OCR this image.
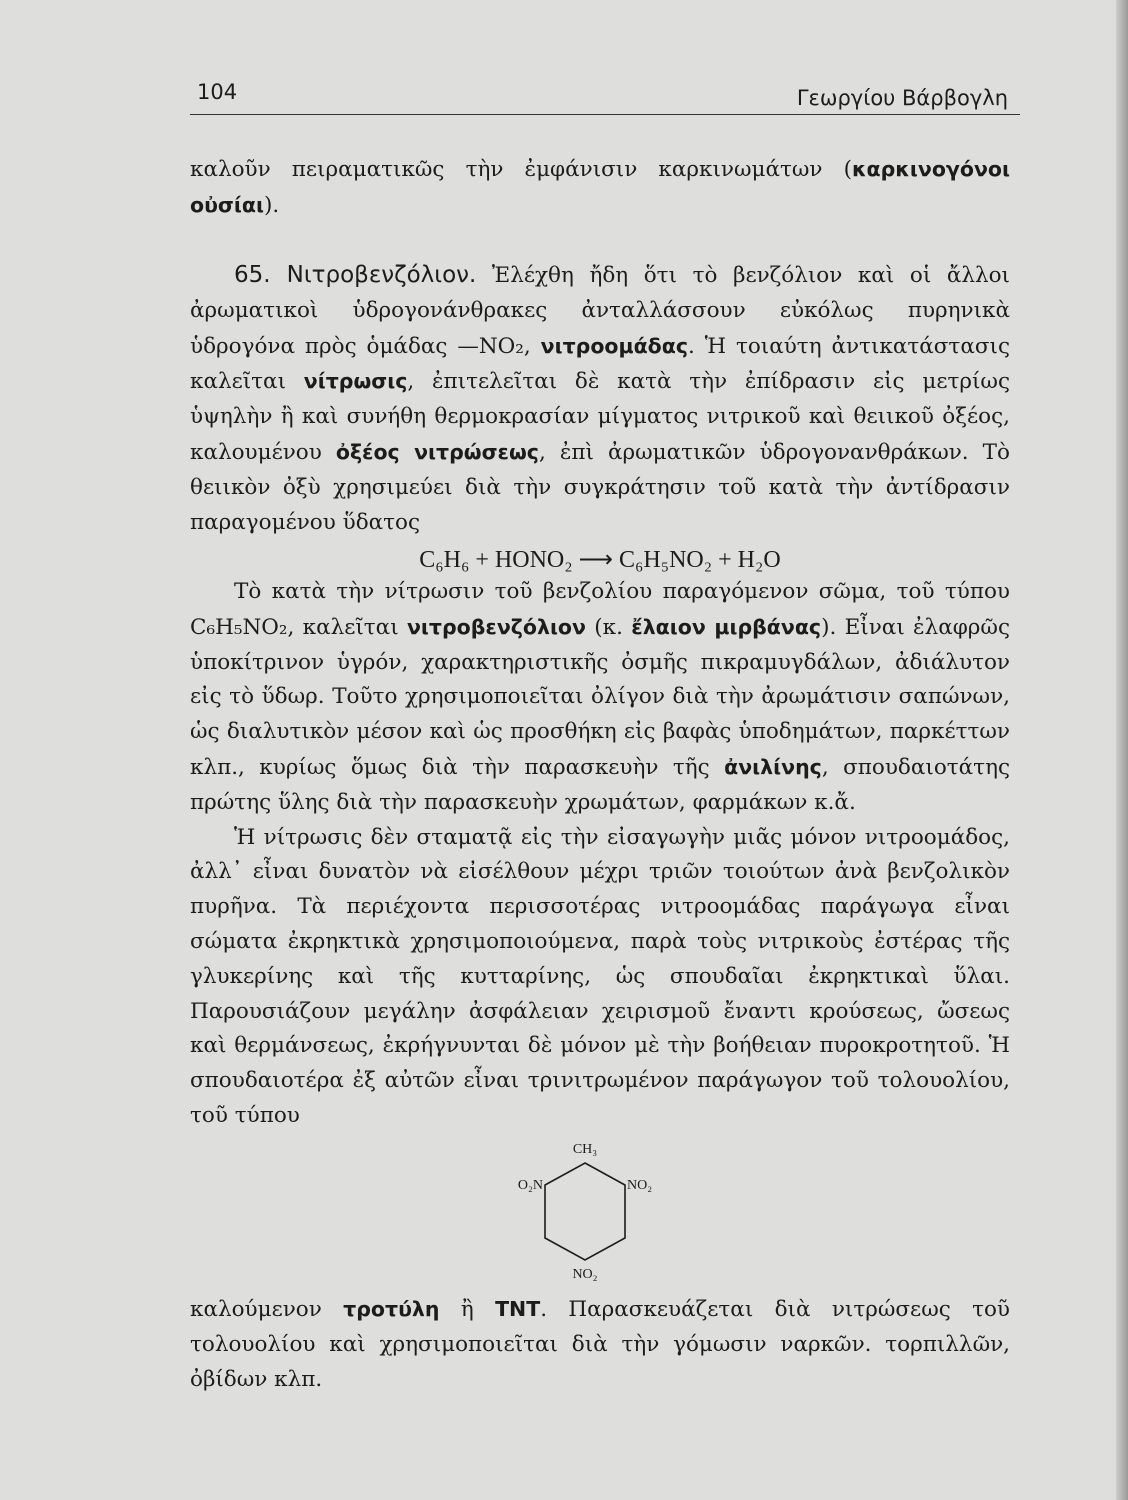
104	Γεωργίου Βάρβογλη

καλοῦν πειραματικῶς τὴν ἐμφάνισιν καρκινωμάτων (καρκινογόνοι οὐσίαι).

65. Νιτροβενζόλιον. Ἐλέχθη ἤδη ὅτι τὸ βενζόλιον καὶ οἱ ἄλλοι ἀρωματικοὶ ὑδρογονάνθρακες ἀνταλλάσσουν εὐκόλως πυρηνικὰ ὑδρογόνα πρὸς ὁμάδας —NO₂, νιτροομάδας. Ἡ τοιαύτη ἀντικατάστασις καλεῖται νίτρωσις, ἐπιτελεῖται δὲ κατὰ τὴν ἐπίδρασιν εἰς μετρίως ὑψηλὴν ἢ καὶ συνήθη θερμοκρασίαν μίγματος νιτρικοῦ καὶ θειικοῦ ὀξέος, καλουμένου ὀξέος νιτρώσεως, ἐπὶ ἀρωματικῶν ὑδρογονανθράκων. Τὸ θειικὸν ὀξὺ χρησιμεύει διὰ τὴν συγκράτησιν τοῦ κατὰ τὴν ἀντίδρασιν παραγομένου ὕδατος

C₆H₆ + HONO₂ ⟶ C₆H₅NO₂ + H₂O

Τὸ κατὰ τὴν νίτρωσιν τοῦ βενζολίου παραγόμενον σῶμα, τοῦ τύπου C₆H₅NO₂, καλεῖται νιτροβενζόλιον (κ. ἔλαιον μιρβάνας). Εἶναι ἐλαφρῶς ὑποκίτρινον ὑγρόν, χαρακτηριστικῆς ὀσμῆς πικραμυγδάλων, ἀδιάλυτον εἰς τὸ ὕδωρ. Τοῦτο χρησιμοποιεῖται ὀλίγον διὰ τὴν ἀρωμάτισιν σαπώνων, ὡς διαλυτικὸν μέσον καὶ ὡς προσθήκη εἰς βαφὰς ὑποδημάτων, παρκέττων κλπ., κυρίως ὅμως διὰ τὴν παρασκευὴν τῆς ἀνιλίνης, σπουδαιοτάτης πρώτης ὕλης διὰ τὴν παρασκευὴν χρωμάτων, φαρμάκων κ.ἄ.

Ἡ νίτρωσις δὲν σταματᾷ εἰς τὴν εἰσαγωγὴν μιᾶς μόνον νιτροομάδος, ἀλλ᾽ εἶναι δυνατὸν νὰ εἰσέλθουν μέχρι τριῶν τοιούτων ἀνὰ βενζολικὸν πυρῆνα. Τὰ περιέχοντα περισσοτέρας νιτροομάδας παράγωγα εἶναι σώματα ἐκρηκτικὰ χρησιμοποιούμενα, παρὰ τοὺς νιτρικοὺς ἐστέρας τῆς γλυκερίνης καὶ τῆς κυτταρίνης, ὡς σπουδαῖαι ἐκρηκτικαὶ ὕλαι. Παρουσιάζουν μεγάλην ἀσφάλειαν χειρισμοῦ ἔναντι κρούσεως, ὤσεως καὶ θερμάνσεως, ἐκρήγνυνται δὲ μόνον μὲ τὴν βοήθειαν πυροκροτητοῦ. Ἡ σπουδαιοτέρα ἐξ αὐτῶν εἶναι τρινιτρωμένον παράγωγον τοῦ τολουολίου, τοῦ τύπου

CH₃
O₂N	NO₂
NO₂

καλούμενον τροτύλη ἢ TNT. Παρασκευάζεται διὰ νιτρώσεως τοῦ τολουολίου καὶ χρησιμοποιεῖται διὰ τὴν γόμωσιν ναρκῶν. τορπιλλῶν, ὀβίδων κλπ.
